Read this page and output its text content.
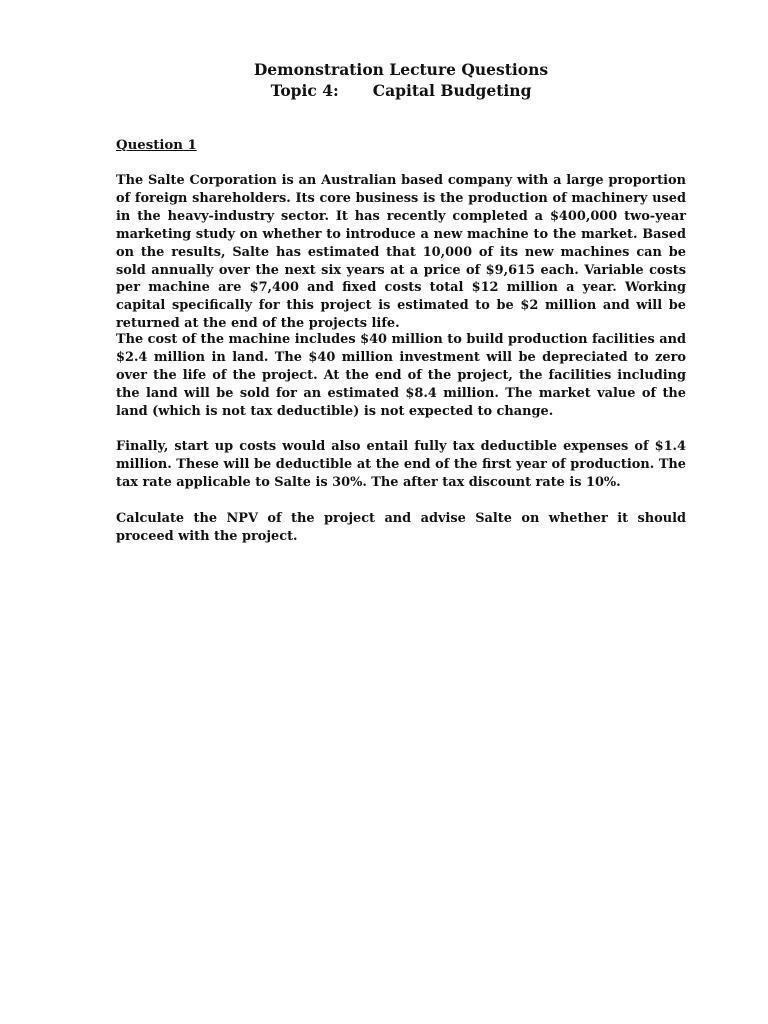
Demonstration Lecture Questions
Topic 4: Capital Budgeting
Question 1

The Salte Corporation is an Australian based company with a large proportion of foreign shareholders. Its core business is the production of machinery used in the heavy-industry sector. It has recently completed a $400,000 two-year marketing study on whether to introduce a new machine to the market. Based on the results, Salte has estimated that 10,000 of its new machines can be sold annually over the next six years at a price of $9,615 each. Variable costs per machine are $7,400 and fixed costs total $12 million a year. Working capital specifically for this project is estimated to be $2 million and will be returned at the end of the projects life.

The cost of the machine includes $40 million to build production facilities and $2.4 million in land. The $40 million investment will be depreciated to zero over the life of the project. At the end of the project, the facilities including the land will be sold for an estimated $8.4 million. The market value of the land (which is not tax deductible) is not expected to change.

Finally, start up costs would also entail fully tax deductible expenses of $1.4 million. These will be deductible at the end of the first year of production. The tax rate applicable to Salte is 30%. The after tax discount rate is 10%.

Calculate the NPV of the project and advise Salte on whether it should proceed with the project.
